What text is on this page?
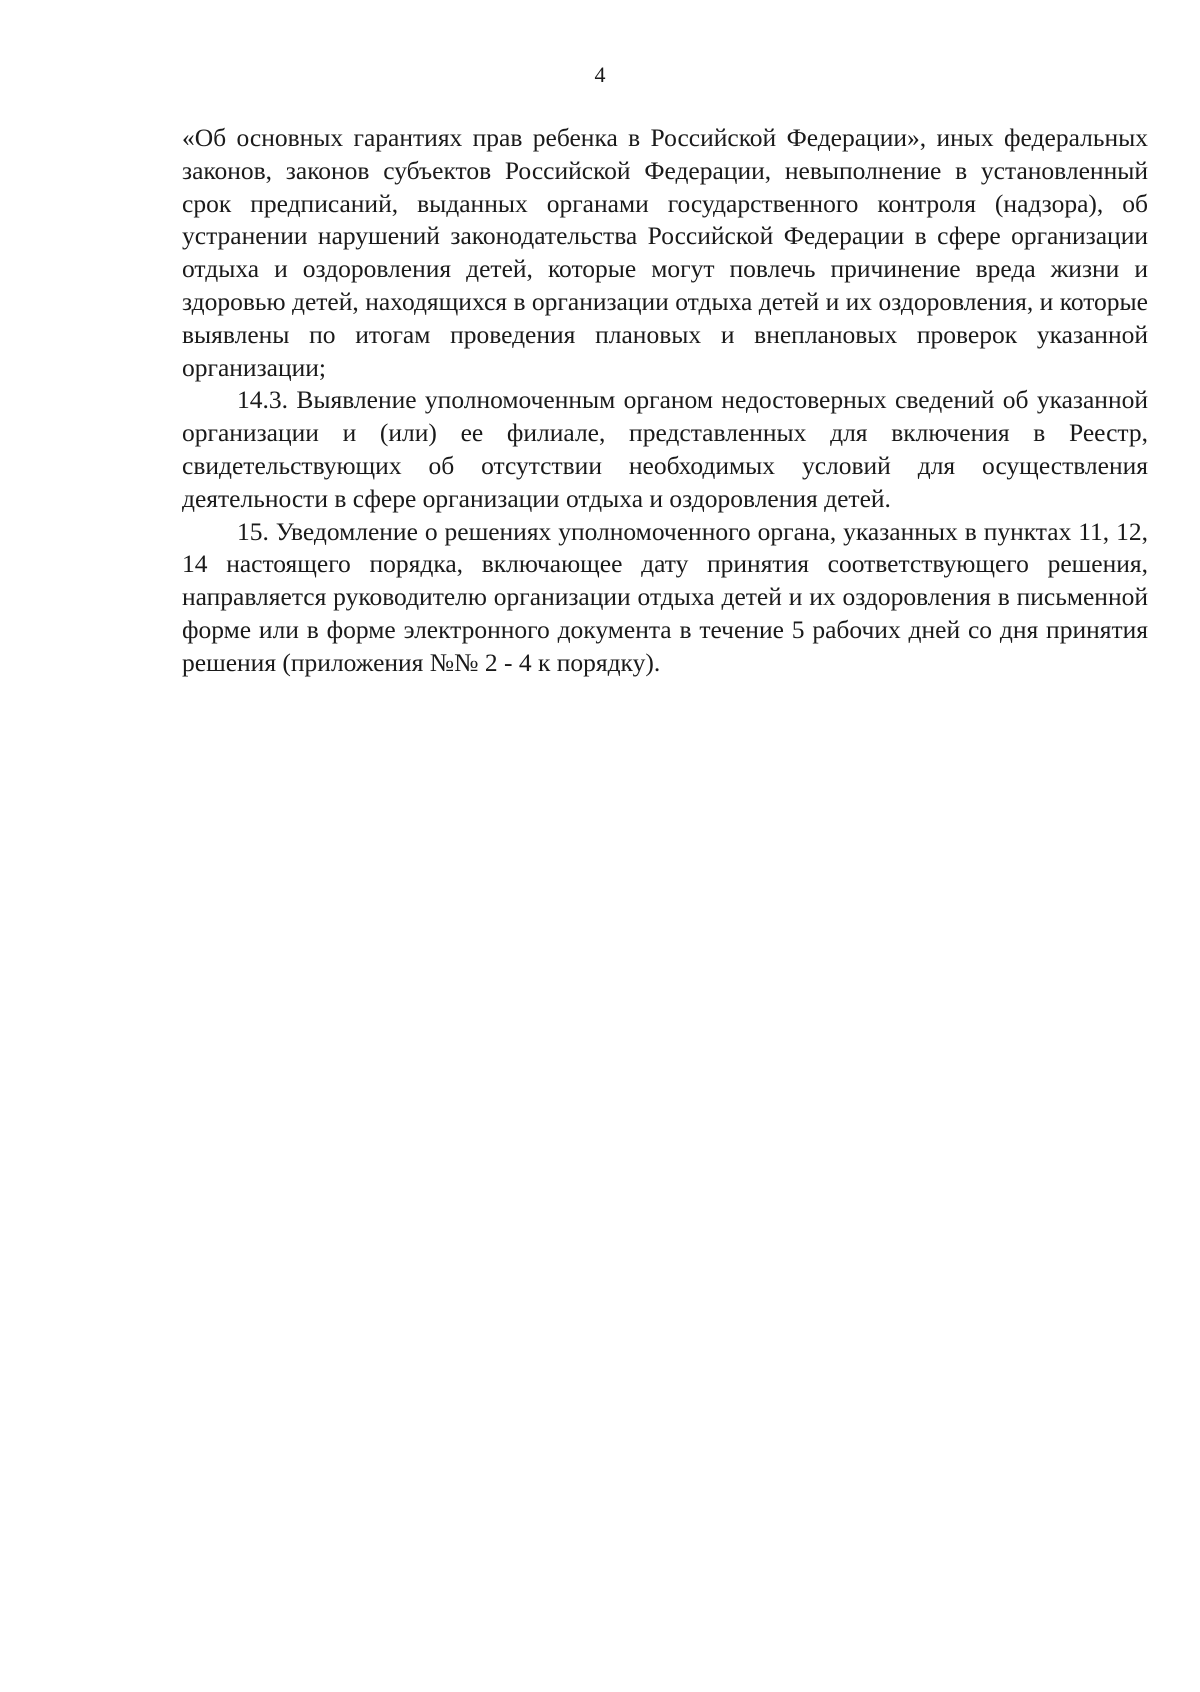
4

«Об основных гарантиях прав ребенка в Российской Федерации», иных федеральных законов, законов субъектов Российской Федерации, невыполнение в установленный срок предписаний, выданных органами государственного контроля (надзора), об устранении нарушений законодательства Российской Федерации в сфере организации отдыха и оздоровления детей, которые могут повлечь причинение вреда жизни и здоровью детей, находящихся в организации отдыха детей и их оздоровления, и которые выявлены по итогам проведения плановых и внеплановых проверок указанной организации;

14.3. Выявление уполномоченным органом недостоверных сведений об указанной организации и (или) ее филиале, представленных для включения в Реестр, свидетельствующих об отсутствии необходимых условий для осуществления деятельности в сфере организации отдыха и оздоровления детей.

15. Уведомление о решениях уполномоченного органа, указанных в пунктах 11, 12, 14 настоящего порядка, включающее дату принятия соответствующего решения, направляется руководителю организации отдыха детей и их оздоровления в письменной форме или в форме электронного документа в течение 5 рабочих дней со дня принятия решения (приложения №№ 2 - 4 к порядку).
